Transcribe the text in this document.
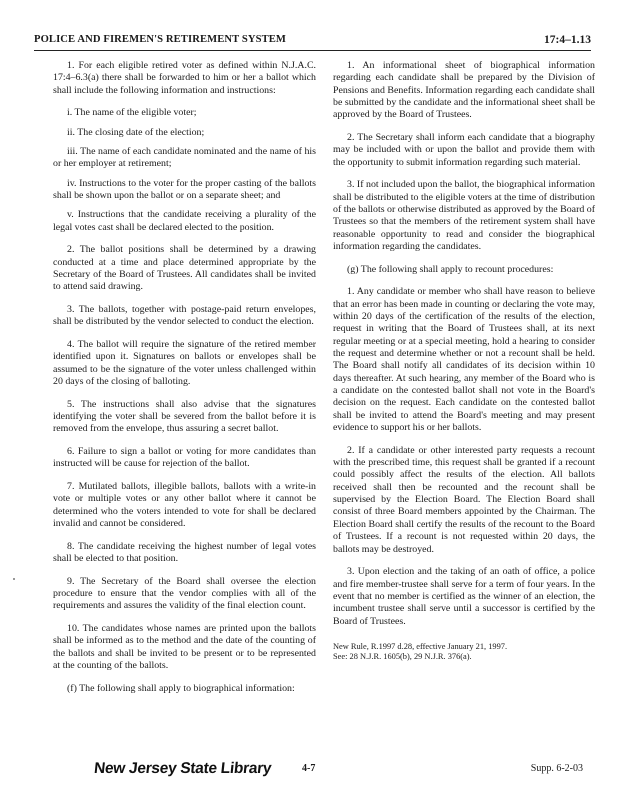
POLICE AND FIREMEN'S RETIREMENT SYSTEM	17:4–1.13

1. For each eligible retired voter as defined within N.J.A.C. 17:4–6.3(a) there shall be forwarded to him or her a ballot which shall include the following information and instructions:

i. The name of the eligible voter;

ii. The closing date of the election;

iii. The name of each candidate nominated and the name of his or her employer at retirement;

iv. Instructions to the voter for the proper casting of the ballots shall be shown upon the ballot or on a separate sheet; and

v. Instructions that the candidate receiving a plurality of the legal votes cast shall be declared elected to the position.

2. The ballot positions shall be determined by a drawing conducted at a time and place determined appropriate by the Secretary of the Board of Trustees. All candidates shall be invited to attend said drawing.

3. The ballots, together with postage-paid return envelopes, shall be distributed by the vendor selected to conduct the election.

4. The ballot will require the signature of the retired member identified upon it. Signatures on ballots or envelopes shall be assumed to be the signature of the voter unless challenged within 20 days of the closing of balloting.

5. The instructions shall also advise that the signatures identifying the voter shall be severed from the ballot before it is removed from the envelope, thus assuring a secret ballot.

6. Failure to sign a ballot or voting for more candidates than instructed will be cause for rejection of the ballot.

7. Mutilated ballots, illegible ballots, ballots with a write-in vote or multiple votes or any other ballot where it cannot be determined who the voters intended to vote for shall be declared invalid and cannot be considered.

8. The candidate receiving the highest number of legal votes shall be elected to that position.

9. The Secretary of the Board shall oversee the election procedure to ensure that the vendor complies with all of the requirements and assures the validity of the final election count.

10. The candidates whose names are printed upon the ballots shall be informed as to the method and the date of the counting of the ballots and shall be invited to be present or to be represented at the counting of the ballots.

(f) The following shall apply to biographical information:

1. An informational sheet of biographical information regarding each candidate shall be prepared by the Division of Pensions and Benefits. Information regarding each candidate shall be submitted by the candidate and the informational sheet shall be approved by the Board of Trustees.

2. The Secretary shall inform each candidate that a biography may be included with or upon the ballot and provide them with the opportunity to submit information regarding such material.

3. If not included upon the ballot, the biographical information shall be distributed to the eligible voters at the time of distribution of the ballots or otherwise distributed as approved by the Board of Trustees so that the members of the retirement system shall have reasonable opportunity to read and consider the biographical information regarding the candidates.

(g) The following shall apply to recount procedures:

1. Any candidate or member who shall have reason to believe that an error has been made in counting or declaring the vote may, within 20 days of the certification of the results of the election, request in writing that the Board of Trustees shall, at its next regular meeting or at a special meeting, hold a hearing to consider the request and determine whether or not a recount shall be held. The Board shall notify all candidates of its decision within 10 days thereafter. At such hearing, any member of the Board who is a candidate on the contested ballot shall not vote in the Board's decision on the request. Each candidate on the contested ballot shall be invited to attend the Board's meeting and may present evidence to support his or her ballots.

2. If a candidate or other interested party requests a recount with the prescribed time, this request shall be granted if a recount could possibly affect the results of the election. All ballots received shall then be recounted and the recount shall be supervised by the Election Board. The Election Board shall consist of three Board members appointed by the Chairman. The Election Board shall certify the results of the recount to the Board of Trustees. If a recount is not requested within 20 days, the ballots may be destroyed.

3. Upon election and the taking of an oath of office, a police and fire member-trustee shall serve for a term of four years. In the event that no member is certified as the winner of an election, the incumbent trustee shall serve until a successor is certified by the Board of Trustees.

New Rule, R.1997 d.28, effective January 21, 1997.
See: 28 N.J.R. 1605(b), 29 N.J.R. 376(a).
New Jersey State Library	4-7	Supp. 6-2-03
